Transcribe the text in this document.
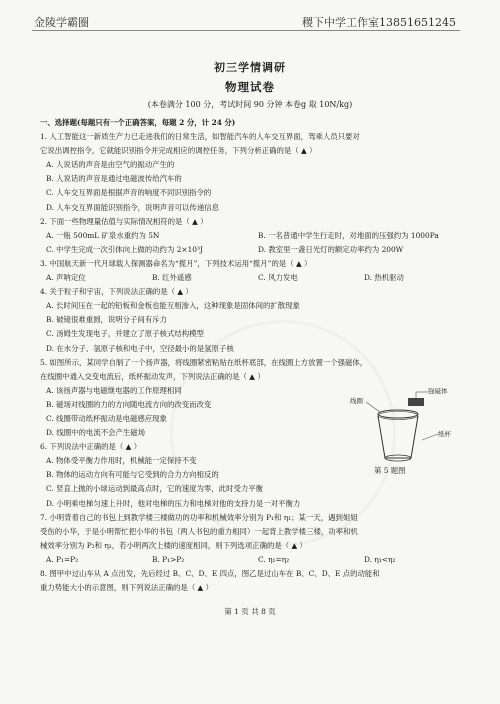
金陵学霸圈	稷下中学工作室13851651245
初三学情调研
物理试卷
(本卷满分 100 分，考试时间 90 分钟 本卷g 取 10N/kg)
一、选择题(每题只有一个正确答案，每题 2 分，计 24 分)
1. 人工智能这一新质生产力已走进我们的日常生活，如智能汽车的人车交互界面，驾乘人员只要对
它说出调控指令，它就能识别指令并完成相应的调控任务，下列分析正确的是（ ▲ ）
A. 人说话的声音是由空气的振动产生的
B. 人说话的声音是通过电磁波传给汽车的
C. 人车交互界面是根据声音的响度不同识别指令的
D. 人车交互界面能识别指令，说明声音可以传递信息
2. 下面一些物理量估值与实际情况相符的是（ ▲ ）
A. 一瓶 500mL 矿泉水重约为 5N	B. 一名普通中学生行走时，对地面的压强约为 1000Pa
C. 中学生完成一次引体向上做的功约为 2×10³J	D. 教室里一盏日光灯的额定功率约为 200W
3. 中国航天新一代月球载人探测器命名为“揽月”，下列技术运用“揽月”的是（ ▲ ）
A. 声呐定位	B. 红外遥感	C. 风力发电	D. 热机驱动
4. 关于粒子和宇宙，下列说法正确的是（ ▲ ）
A. 长时间压在一起的铅板和金板也能互相渗入，这种现象是固体间的扩散现象
B. 破镜很难重圆，说明分子间有斥力
C. 汤姆生发现电子，并建立了原子核式结构模型
D. 在水分子、氢原子核和电子中，空径最小的是氢原子核
5. 如图所示，某同学自制了一个扬声器，将线圈紧密粘贴在纸杯底部，在线圈上方放置一个强磁体，
在线圈中通入交变电流后，纸杯振动发声，下列说法正确的是（ ▲ ）
A. 该扬声器与电磁继电器的工作原理相同
B. 磁场对线圈的力的方向随电流方向的改变而改变
C. 线圈带动纸杯振动是电磁感应现象
D. 线圈中的电流不会产生磁场
6. 下列说法中正确的是（ ▲ ）
A. 物体受平衡力作用时，机械能一定保持不变
B. 物体的运动方向有可能与它受到的合力方向相反的
C. 竖直上抛的小球运动到最高点时，它的速度为零，此时受力平衡
D. 小明乘电梯匀速上升时，他对电梯的压力和电梯对他的支持力是一对平衡力
7. 小明背着自己的书包上到教学楼三楼做功的功率和机械效率分别为 P₁和 η₁；某一天，遇到姐姐
受伤的小华，于是小明帮忙把小华的书包（两人书包的重力相同）一起背上教学楼三楼，功率和机
械效率分别为 P₂和 η₂，若小明两次上楼的速度相同，则下列选项正确的是（ ▲ ）
A. P₁=P₂	B. P₁>P₂	C. η₁=η₂	D. η₁<η₂
8. 图甲中过山车从 A 点出发，先后经过 B、C、D、E 四点，图乙是过山车在 B、C、D、E 点的动能和
重力势能大小的示意图，则下列说法正确的是（ ▲ ）
强磁体
线圈
纸杯
第 5 题图
第 1 页 共 8 页
